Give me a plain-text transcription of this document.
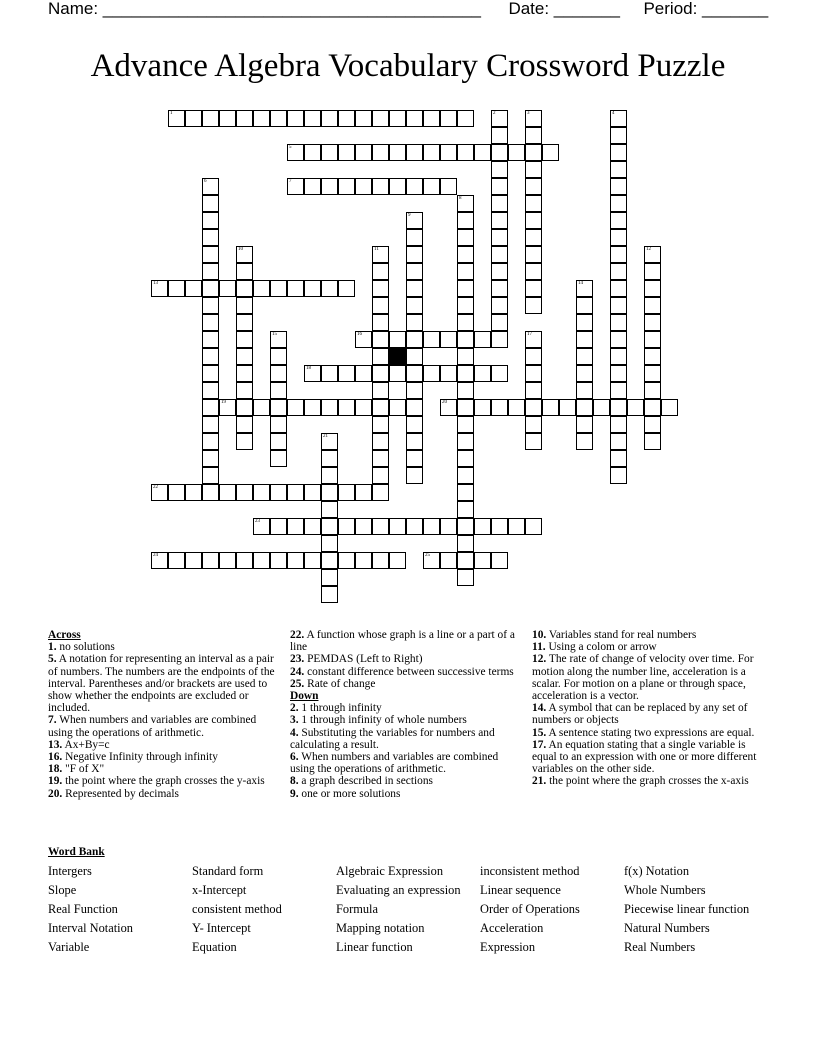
Name: ________________________________________ Date: _______ Period: _______
Advance Algebra Vocabulary Crossword Puzzle
1	2	3	4
5
6	7
8
9
10	11	12
13	14
15	16	17
18
19	20
21
22
23
24	25
Across
1. no solutions
5. A notation for representing an interval as a pair of numbers. The numbers are the endpoints of the interval. Parentheses and/or brackets are used to show whether the endpoints are excluded or included.
7. When numbers and variables are combined using the operations of arithmetic.
13. Ax+By=c
16. Negative Infinity through infinity
18. "F of X"
19. the point where the graph crosses the y-axis
20. Represented by decimals
22. A function whose graph is a line or a part of a line
23. PEMDAS (Left to Right)
24. constant difference between successive terms
25. Rate of change
Down
2. 1 through infinity
3. 1 through infinity of whole numbers
4. Substituting the variables for numbers and calculating a result.
6. When numbers and variables are combined using the operations of arithmetic.
8. a graph described in sections
9. one or more solutions
10. Variables stand for real numbers
11. Using a colom or arrow
12. The rate of change of velocity over time. For motion along the number line, acceleration is a scalar. For motion on a plane or through space, acceleration is a vector.
14. A symbol that can be replaced by any set of numbers or objects
15. A sentence stating two expressions are equal.
17. An equation stating that a single variable is equal to an expression with one or more different variables on the other side.
21. the point where the graph crosses the x-axis
Word Bank
Intergers
Slope
Real Function
Interval Notation
Variable
Standard form
x-Intercept
consistent method
Y- Intercept
Equation
Algebraic Expression
Evaluating an expression
Formula
Mapping notation
Linear function
inconsistent method
Linear sequence
Order of Operations
Acceleration
Expression
f(x) Notation
Whole Numbers
Piecewise linear function
Natural Numbers
Real Numbers
